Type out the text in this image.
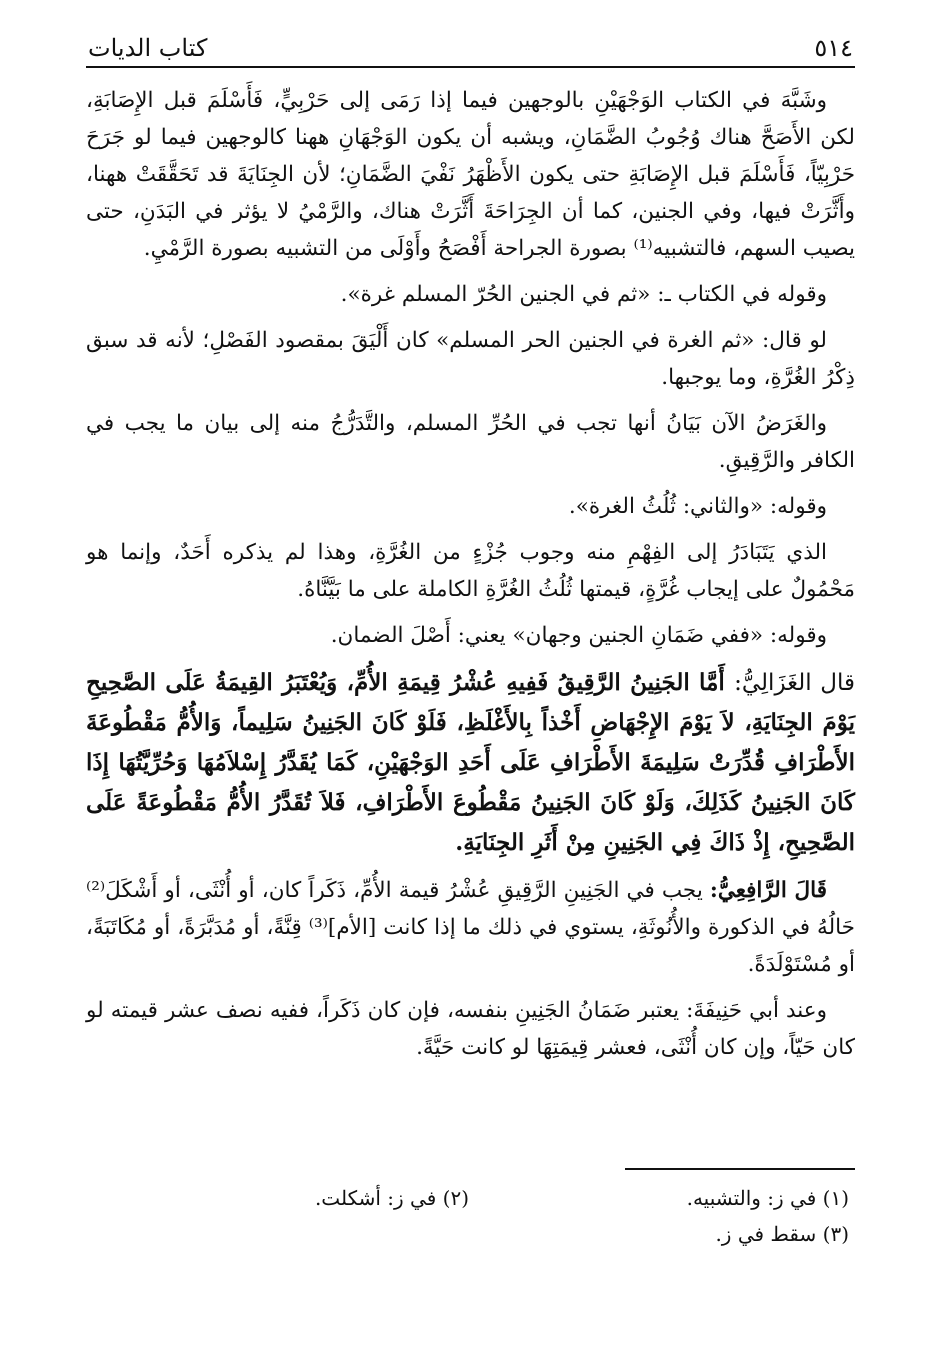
٥١٤
كتاب الديات

وشَبَّهَ في الكتاب الوَجْهَيْنِ بالوجهين فيما إذا رَمَى إلى حَرْبِيٍّ، فَأَسْلَمَ قبل الإِصَابَةِ، لكن الأَصَحَّ هناك وُجُوبُ الضَّمَانِ، ويشبه أن يكون الوَجْهَانِ ههنا كالوجهين فيما لو جَرَحَ حَرْبِيّاً، فَأَسْلَمَ قبل الإِصَابَةِ حتى يكون الأَظْهَرُ نَفْيَ الضَّمَانِ؛ لأن الجِنَايَةَ قد تَحَقَّقَتْ ههنا، وأَثَّرَتْ فيها، وفي الجنين، كما أن الجِرَاحَةَ أَثَّرَتْ هناك، والرَّمْيُ لا يؤثر في البَدَنِ، حتى يصيب السهم، فالتشبيه⁽¹⁾ بصورة الجراحة أَفْصَحُ وأَوْلَى من التشبيه بصورة الرَّمْيِ.

وقوله في الكتاب ـ: «ثم في الجنين الحُرّ المسلم غرة».

لو قال: «ثم الغرة في الجنين الحر المسلم» كان أَلْيَقَ بمقصود الفَصْلِ؛ لأنه قد سبق ذِكْرُ الغُرَّةِ، وما يوجبها.

والغَرَضُ الآن بَيَانُ أنها تجب في الحُرِّ المسلم، والتَّدَرُّجُ منه إلى بيان ما يجب في الكافر والرَّقِيقِ.

وقوله: «والثاني: ثُلُثُ الغرة».

الذي يَتَبَادَرُ إلى الفِهْمِ منه وجوب جُزْءٍ من الغُرَّةِ، وهذا لم يذكره أَحَدٌ، وإنما هو مَحْمُولٌ على إيجاب غُرَّةٍ، قيمتها ثُلُثُ الغُرَّةِ الكاملة على ما بَيَّنَّاهُ.

وقوله: «ففي ضَمَانِ الجنين وجهان» يعني: أَصْلَ الضمان.

قال الغَزَالِيُّ: أَمَّا الجَنِينُ الرَّقِيقُ فَفِيهِ عُشْرُ قِيمَةِ الأُمِّ، وَيُعْتَبَرُ القِيمَةُ عَلَى الصَّحِيحِ يَوْمَ الجِنَايَةِ، لاَ يَوْمَ الإِجْهَاضِ أَخْذاً بِالأَغْلَظِ، فَلَوْ كَانَ الجَنِينُ سَلِيماً، وَالأُمُّ مَقْطُوعَةَ الأَطْرَافِ قُدِّرَتْ سَلِيمَةَ الأَطْرَافِ عَلَى أَحَدِ الوَجْهَيْنِ، كَمَا يُقَدَّرُ إِسْلاَمُهَا وَحُرِّيَّتُهَا إِذَا كَانَ الجَنِينُ كَذَلِكَ، وَلَوْ كَانَ الجَنِينُ مَقْطُوعَ الأَطْرَافِ، فَلاَ تُقَدَّرُ الأُمُّ مَقْطُوعَةً عَلَى الصَّحِيحِ، إِذْ ذَاكَ فِي الجَنِينِ مِنْ أَثَرِ الجِنَايَةِ.

قَالَ الرَّافِعِيُّ: يجب في الجَنِينِ الرَّقِيقِ عُشْرُ قيمة الأُمِّ، ذَكَراً كان، أو أُنْثَى، أو أَشْكَلَ⁽²⁾ حَالُهُ في الذكورة والأُنُوثَةِ، يستوي في ذلك ما إذا كانت [الأم]⁽³⁾ قِنَّةً، أو مُدَبَّرَةً، أو مُكَاتَبَةً، أو مُسْتَوْلَدَةً.

وعند أبي حَنِيفَةَ: يعتبر ضَمَانُ الجَنِينِ بنفسه، فإن كان ذَكَراً، ففيه نصف عشر قيمته لو كان حَيّاً، وإن كان أُنْثَى، فعشر قِيمَتِهَا لو كانت حَيَّةً.

(١) في ز: والتشبيه.
(٢) في ز: أشكلت.
(٣) سقط في ز.
